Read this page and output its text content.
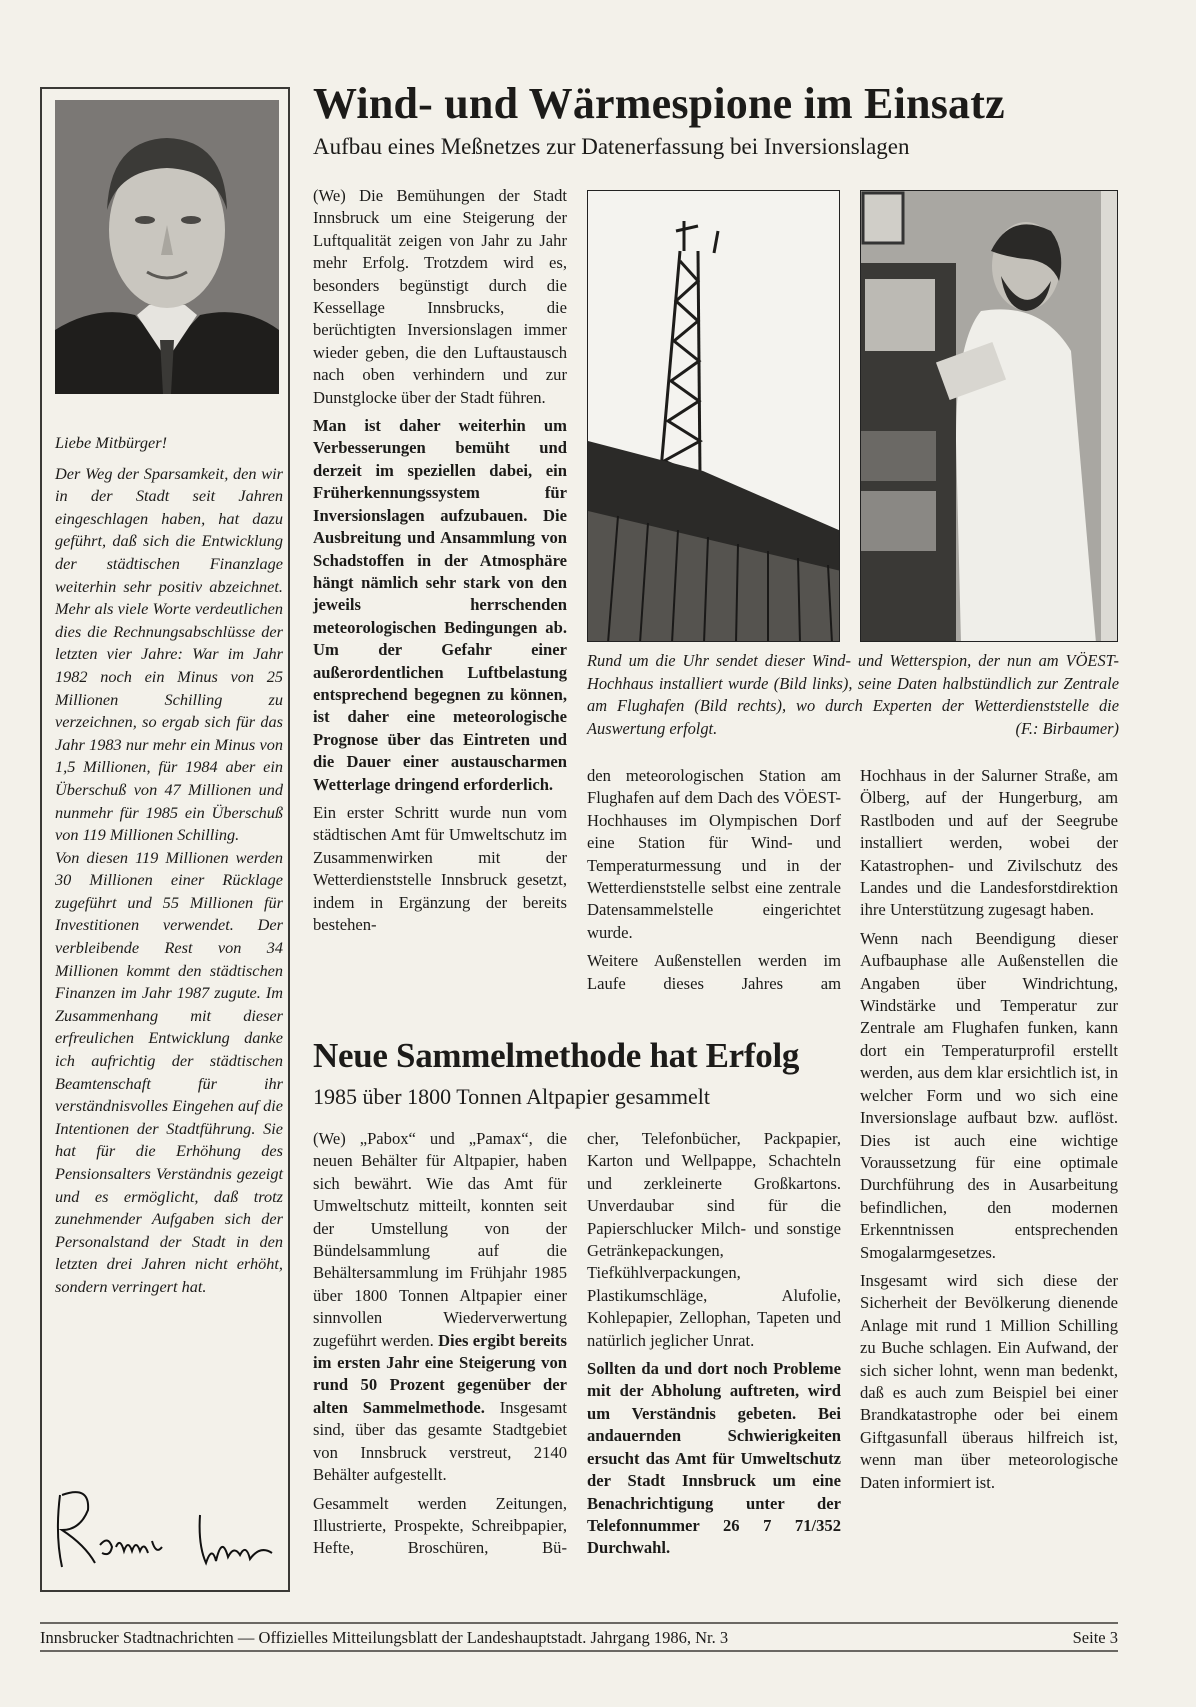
Liebe Mitbürger!

Der Weg der Sparsamkeit, den wir in der Stadt seit Jahren eingeschlagen haben, hat dazu geführt, daß sich die Entwicklung der städtischen Finanzlage weiterhin sehr positiv abzeichnet. Mehr als viele Worte verdeutlichen dies die Rechnungsabschlüsse der letzten vier Jahre: War im Jahr 1982 noch ein Minus von 25 Millionen Schilling zu verzeichnen, so ergab sich für das Jahr 1983 nur mehr ein Minus von 1,5 Millionen, für 1984 aber ein Überschuß von 47 Millionen und nunmehr für 1985 ein Überschuß von 119 Millionen Schilling.

Von diesen 119 Millionen werden 30 Millionen einer Rücklage zugeführt und 55 Millionen für Investitionen verwendet. Der verbleibende Rest von 34 Millionen kommt den städtischen Finanzen im Jahr 1987 zugute. Im Zusammenhang mit dieser erfreulichen Entwicklung danke ich aufrichtig der städtischen Beamtenschaft für ihr verständnisvolles Eingehen auf die Intentionen der Stadtführung. Sie hat für die Erhöhung des Pensionsalters Verständnis gezeigt und es ermöglicht, daß trotz zunehmender Aufgaben sich der Personalstand der Stadt in den letzten drei Jahren nicht erhöht, sondern verringert hat.

Wind- und Wärmespione im Einsatz
Aufbau eines Meßnetzes zur Datenerfassung bei Inversionslagen

(We) Die Bemühungen der Stadt Innsbruck um eine Steigerung der Luftqualität zeigen von Jahr zu Jahr mehr Erfolg. Trotzdem wird es, besonders begünstigt durch die Kessellage Innsbrucks, die berüchtigten Inversionslagen immer wieder geben, die den Luftaustausch nach oben verhindern und zur Dunstglocke über der Stadt führen.

Man ist daher weiterhin um Verbesserungen bemüht und derzeit im speziellen dabei, ein Früherkennungssystem für Inversionslagen aufzubauen. Die Ausbreitung und Ansammlung von Schadstoffen in der Atmosphäre hängt nämlich sehr stark von den jeweils herrschenden meteorologischen Bedingungen ab. Um der Gefahr einer außerordentlichen Luftbelastung entsprechend begegnen zu können, ist daher eine meteorologische Prognose über das Eintreten und die Dauer einer austauscharmen Wetterlage dringend erforderlich.

Ein erster Schritt wurde nun vom städtischen Amt für Umweltschutz im Zusammenwirken mit der Wetterdienststelle Innsbruck gesetzt, indem in Ergänzung der bereits bestehen-

Rund um die Uhr sendet dieser Wind- und Wetterspion, der nun am VÖEST-Hochhaus installiert wurde (Bild links), seine Daten halbstündlich zur Zentrale am Flughafen (Bild rechts), wo durch Experten der Wetterdienststelle die Auswertung erfolgt.	(F.: Birbaumer)

den meteorologischen Station am Flughafen auf dem Dach des VÖEST-Hochhauses im Olympischen Dorf eine Station für Wind- und Temperaturmessung und in der Wetterdienststelle selbst eine zentrale Datensammelstelle eingerichtet wurde.

Weitere Außenstellen werden im Laufe dieses Jahres am

Hochhaus in der Salurner Straße, am Ölberg, auf der Hungerburg, am Rastlboden und auf der Seegrube installiert werden, wobei der Katastrophen- und Zivilschutz des Landes und die Landesforstdirektion ihre Unterstützung zugesagt haben.

Wenn nach Beendigung dieser Aufbauphase alle Außenstellen die Angaben über Windrichtung, Windstärke und Temperatur zur Zentrale am Flughafen funken, kann dort ein Temperaturprofil erstellt werden, aus dem klar ersichtlich ist, in welcher Form und wo sich eine Inversionslage aufbaut bzw. auflöst. Dies ist auch eine wichtige Voraussetzung für eine optimale Durchführung des in Ausarbeitung befindlichen, den modernen Erkenntnissen entsprechenden Smogalarmgesetzes.

Insgesamt wird sich diese der Sicherheit der Bevölkerung dienende Anlage mit rund 1 Million Schilling zu Buche schlagen. Ein Aufwand, der sich sicher lohnt, wenn man bedenkt, daß es auch zum Beispiel bei einer Brandkatastrophe oder bei einem Giftgasunfall überaus hilfreich ist, wenn man über meteorologische Daten informiert ist.

Neue Sammelmethode hat Erfolg
1985 über 1800 Tonnen Altpapier gesammelt

(We) „Pabox“ und „Pamax“, die neuen Behälter für Altpapier, haben sich bewährt. Wie das Amt für Umweltschutz mitteilt, konnten seit der Umstellung von der Bündelsammlung auf die Behältersammlung im Frühjahr 1985 über 1800 Tonnen Altpapier einer sinnvollen Wiederverwertung zugeführt werden. Dies ergibt bereits im ersten Jahr eine Steigerung von rund 50 Prozent gegenüber der alten Sammelmethode. Insgesamt sind, über das gesamte Stadtgebiet von Innsbruck verstreut, 2140 Behälter aufgestellt.

Gesammelt werden Zeitungen, Illustrierte, Prospekte, Schreibpapier, Hefte, Broschüren, Bü-

cher, Telefonbücher, Packpapier, Karton und Wellpappe, Schachteln und zerkleinerte Großkartons. Unverdaubar sind für die Papierschlucker Milch- und sonstige Getränkepackungen, Tiefkühlverpackungen, Plastikumschläge, Alufolie, Kohlepapier, Zellophan, Tapeten und natürlich jeglicher Unrat.

Sollten da und dort noch Probleme mit der Abholung auftreten, wird um Verständnis gebeten. Bei andauernden Schwierigkeiten ersucht das Amt für Umweltschutz der Stadt Innsbruck um eine Benachrichtigung unter der Telefonnummer 26 7 71/352 Durchwahl.

Innsbrucker Stadtnachrichten — Offizielles Mitteilungsblatt der Landeshauptstadt. Jahrgang 1986, Nr. 3	Seite 3
